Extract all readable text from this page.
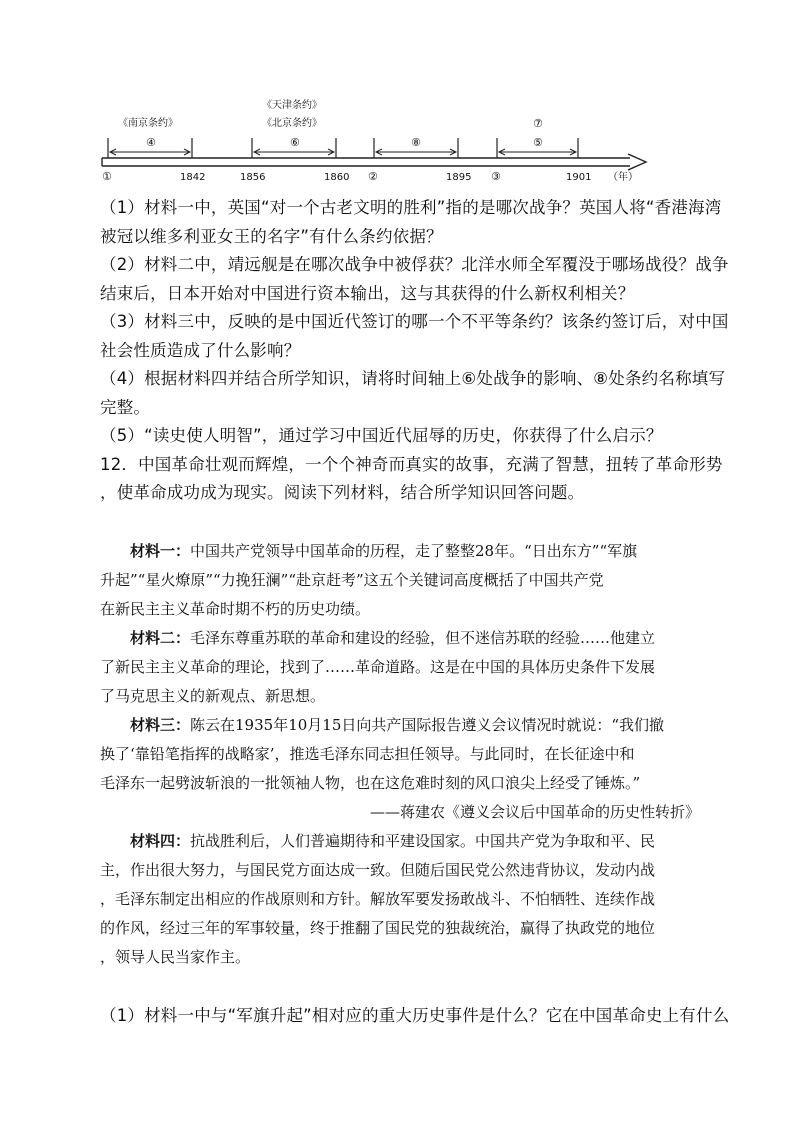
《天津条约》
《北京条约》
《南京条约》
④	⑥	⑧
⑦
⑤
①	1842	1856	1860 ②	1895 ③	1901 （年）
（1）材料一中，英国“对一个古老文明的胜利”指的是哪次战争？英国人将“香港海湾
被冠以维多利亚女王的名字”有什么条约依据？
（2）材料二中，靖远舰是在哪次战争中被俘获？北洋水师全军覆没于哪场战役？战争
结束后，日本开始对中国进行资本输出，这与其获得的什么新权利相关？
（3）材料三中，反映的是中国近代签订的哪一个不平等条约？该条约签订后，对中国
社会性质造成了什么影响？
（4）根据材料四并结合所学知识，请将时间轴上⑥处战争的影响、⑧处条约名称填写
完整。
（5）“读史使人明智”，通过学习中国近代屈辱的历史，你获得了什么启示？
12．中国革命壮观而辉煌，一个个神奇而真实的故事，充满了智慧，扭转了革命形势
，使革命成功成为现实。阅读下列材料，结合所学知识回答问题。
材料一：中国共产党领导中国革命的历程，走了整整28年。“日出东方”“军旗
升起”“星火燎原”“力挽狂澜”“赴京赶考”这五个关键词高度概括了中国共产党
在新民主主义革命时期不朽的历史功绩。
材料二：毛泽东尊重苏联的革命和建设的经验，但不迷信苏联的经验……他建立
了新民主主义革命的理论，找到了……革命道路。这是在中国的具体历史条件下发展
了马克思主义的新观点、新思想。
材料三：陈云在1935年10月15日向共产国际报告遵义会议情况时就说：“我们撤
换了‘靠铅笔指挥的战略家’，推选毛泽东同志担任领导。与此同时，在长征途中和
毛泽东一起劈波斩浪的一批领袖人物，也在这危难时刻的风口浪尖上经受了锤炼。”
——蒋建农《遵义会议后中国革命的历史性转折》
材料四：抗战胜利后，人们普遍期待和平建设国家。中国共产党为争取和平、民
主，作出很大努力，与国民党方面达成一致。但随后国民党公然违背协议，发动内战
，毛泽东制定出相应的作战原则和方针。解放军要发扬敢战斗、不怕牺牲、连续作战
的作风，经过三年的军事较量，终于推翻了国民党的独裁统治，赢得了执政党的地位
，领导人民当家作主。
（1）材料一中与“军旗升起”相对应的重大历史事件是什么？它在中国革命史上有什么
